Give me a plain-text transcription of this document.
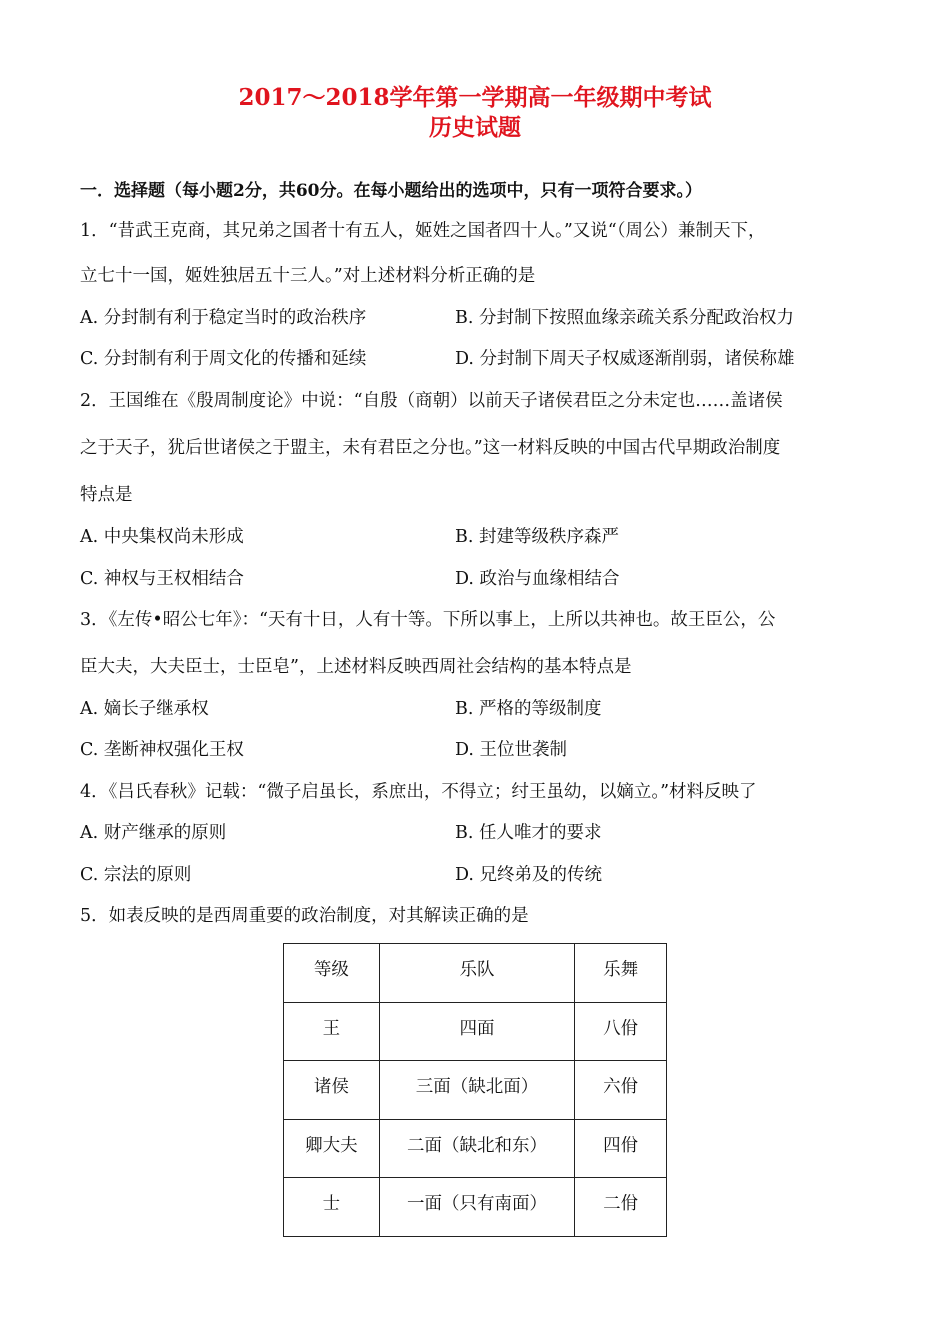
2017～2018学年第一学期高一年级期中考试
历史试题
一．选择题（每小题2分，共60分。在每小题给出的选项中，只有一项符合要求。）
1．“昔武王克商，其兄弟之国者十有五人，姬姓之国者四十人。”又说“（周公）兼制天下，
立七十一国，姬姓独居五十三人。”对上述材料分析正确的是
A. 分封制有利于稳定当时的政治秩序	B. 分封制下按照血缘亲疏关系分配政治权力
C. 分封制有利于周文化的传播和延续	D. 分封制下周天子权威逐渐削弱，诸侯称雄
2．王国维在《殷周制度论》中说：“自殷（商朝）以前天子诸侯君臣之分未定也……盖诸侯
之于天子，犹后世诸侯之于盟主，未有君臣之分也。”这一材料反映的中国古代早期政治制度
特点是
A. 中央集权尚未形成	B. 封建等级秩序森严
C. 神权与王权相结合	D. 政治与血缘相结合
3．《左传•昭公七年》：“天有十日，人有十等。下所以事上，上所以共神也。故王臣公，公
臣大夫，大夫臣士，士臣皂”，上述材料反映西周社会结构的基本特点是
A. 嫡长子继承权	B. 严格的等级制度
C. 垄断神权强化王权	D. 王位世袭制
4．《吕氏春秋》记载：“微子启虽长，系庶出，不得立；纣王虽幼，以嫡立。”材料反映了
A. 财产继承的原则	B. 任人唯才的要求
C. 宗法的原则	D. 兄终弟及的传统
5．如表反映的是西周重要的政治制度，对其解读正确的是
等级	乐队	乐舞
王	四面	八佾
诸侯	三面（缺北面）	六佾
卿大夫	二面（缺北和东）	四佾
士	一面（只有南面）	二佾
